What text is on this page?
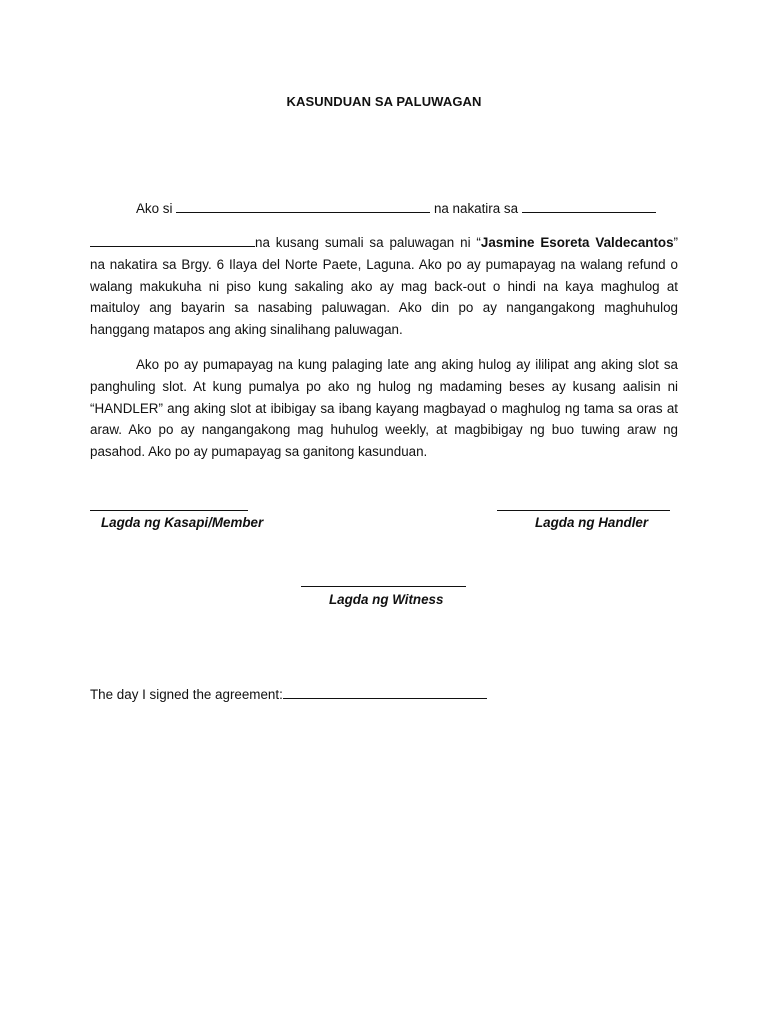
KASUNDUAN SA PALUWAGAN
Ako si	na nakatira sa

na kusang sumali sa paluwagan ni “Jasmine Esoreta Valdecantos” na nakatira sa Brgy. 6 Ilaya del Norte Paete, Laguna. Ako po ay pumapayag na walang refund o walang makukuha ni piso kung sakaling ako ay mag back-out o hindi na kaya maghulog at maituloy ang bayarin sa nasabing paluwagan. Ako din po ay nangangakong maghuhulog hanggang matapos ang aking sinalihang paluwagan.

Ako po ay pumapayag na kung palaging late ang aking hulog ay ililipat ang aking slot sa panghuling slot. At kung pumalya po ako ng hulog ng madaming beses ay kusang aalisin ni “HANDLER” ang aking slot at ibibigay sa ibang kayang magbayad o maghulog ng tama sa oras at araw. Ako po ay nangangakong mag huhulog weekly, at magbibigay ng buo tuwing araw ng pasahod. Ako po ay pumapayag sa ganitong kasunduan.

Lagda ng Kasapi/Member	Lagda ng Handler
Lagda ng Witness
The day I signed the agreement:
